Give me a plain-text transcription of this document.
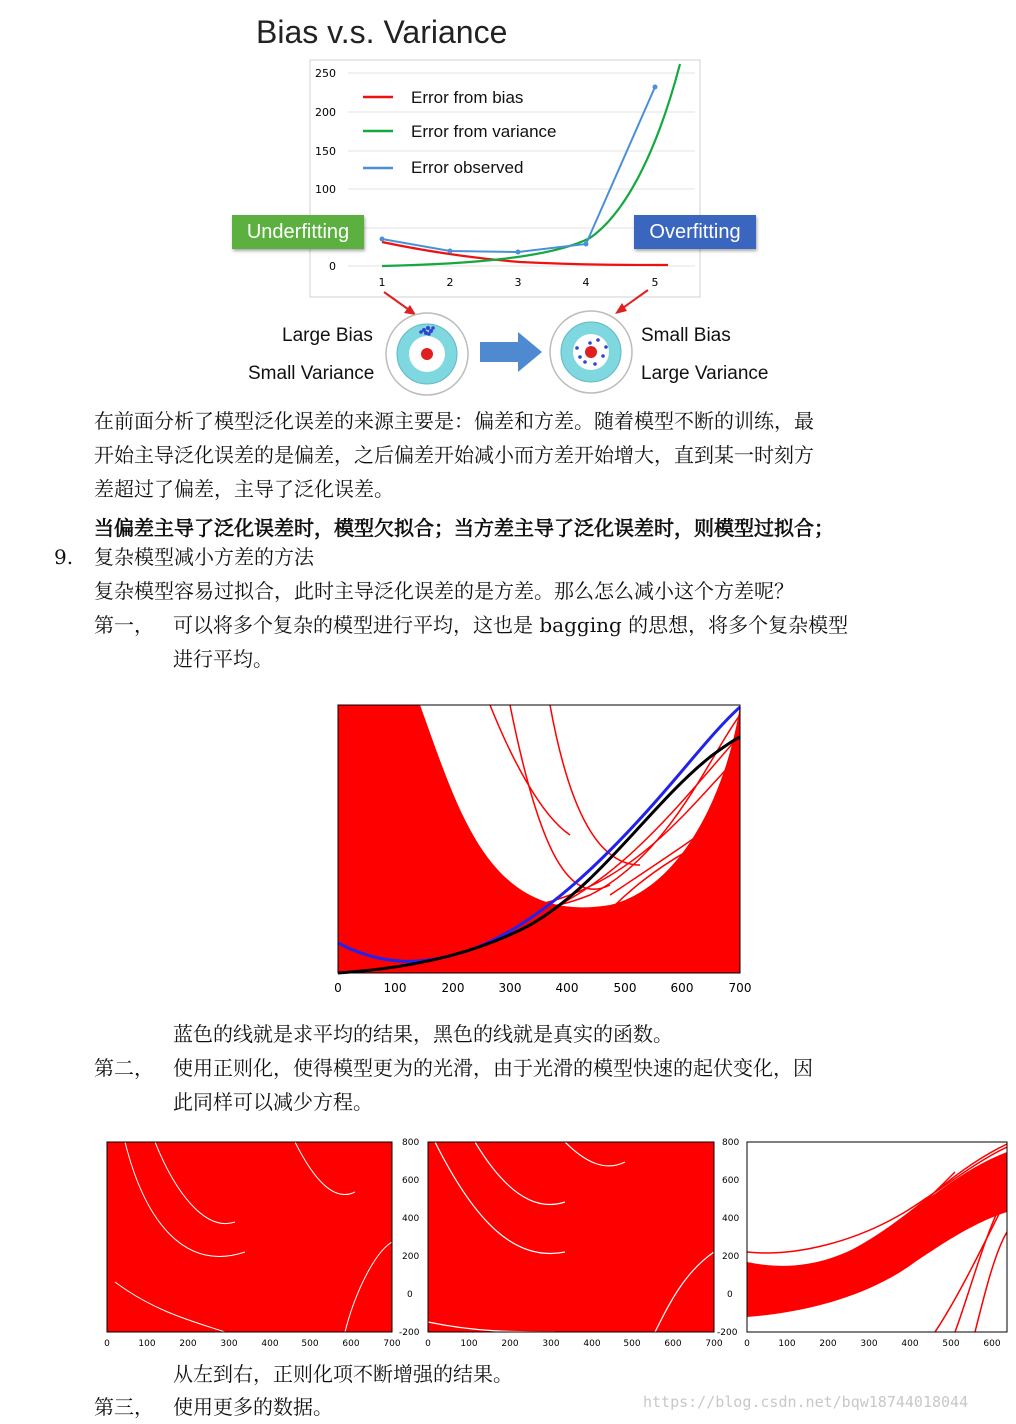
Bias v.s. Variance
250
200
150
100
0
1	2	3	4	5
Error from bias
Error from variance
Error observed
Underfitting	Overfitting
Large Bias
Small Variance
Small Bias
Large Variance
在前面分析了模型泛化误差的来源主要是：偏差和方差。随着模型不断的训练，最
开始主导泛化误差的是偏差，之后偏差开始减小而方差开始增大，直到某一时刻方
差超过了偏差，主导了泛化误差。
当偏差主导了泛化误差时，模型欠拟合；当方差主导了泛化误差时，则模型过拟合；
9. 复杂模型减小方差的方法
复杂模型容易过拟合，此时主导泛化误差的是方差。那么怎么减小这个方差呢？
第一， 可以将多个复杂的模型进行平均，这也是 bagging 的思想，将多个复杂模型
进行平均。
0	100	200	300	400	500	600	700
蓝色的线就是求平均的结果，黑色的线就是真实的函数。
第二， 使用正则化，使得模型更为的光滑，由于光滑的模型快速的起伏变化，因
此同样可以减少方程。
0	100	200	300	400	500	600	700
800
600
400
200
0
-200
0	100	200	300	400	500	600	700
800
600
400
200
0
-200
0	100	200	300	400	500	600
从左到右，正则化项不断增强的结果。
第三， 使用更多的数据。	https://blog.csdn.net/bqw18744018044
